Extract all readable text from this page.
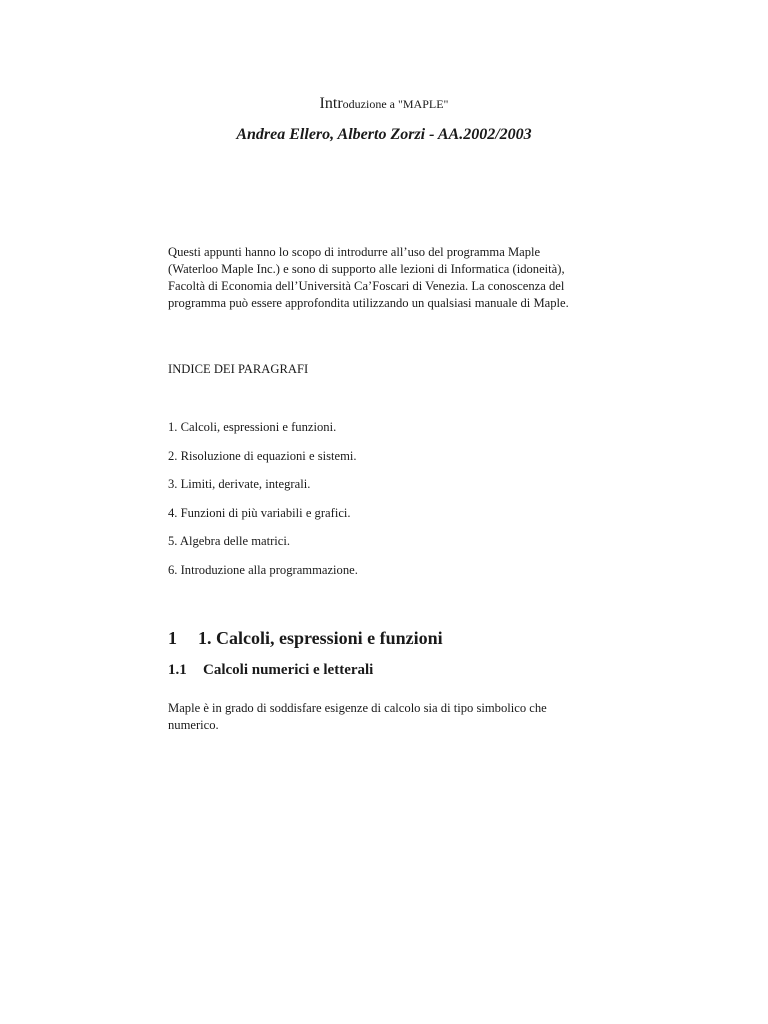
Introduzione a "MAPLE"
Andrea Ellero, Alberto Zorzi - AA.2002/2003

Questi appunti hanno lo scopo di introdurre all’uso del programma Maple
(Waterloo Maple Inc.) e sono di supporto alle lezioni di Informatica (idoneità),
Facoltà di Economia dell’Università Ca’Foscari di Venezia. La conoscenza del
programma può essere approfondita utilizzando un qualsiasi manuale di Maple.

INDICE DEI PARAGRAFI
1. Calcoli, espressioni e funzioni.
2. Risoluzione di equazioni e sistemi.
3. Limiti, derivate, integrali.
4. Funzioni di più variabili e grafici.
5. Algebra delle matrici.
6. Introduzione alla programmazione.
1 1. Calcoli, espressioni e funzioni
1.1 Calcoli numerici e letterali

Maple è in grado di soddisfare esigenze di calcolo sia di tipo simbolico che
numerico.
